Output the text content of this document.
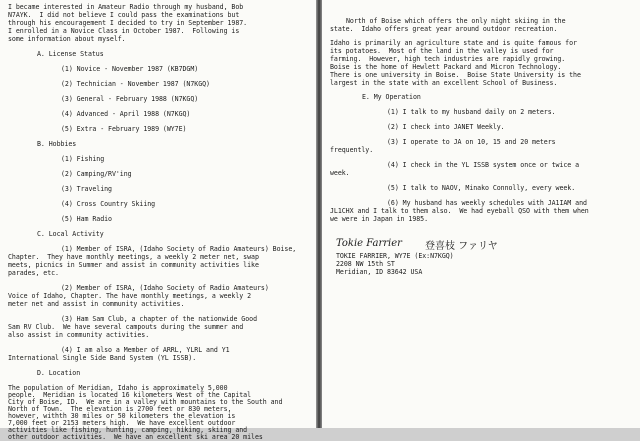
I became interested in Amateur Radio through my husband, Bob
N7AYK.  I did not believe I could pass the examinations but
through his encouragement I decided to try in September 1987.
I enrolled in a Novice Class in October 1987.  Following is
some information about myself.
A. License Status
(1) Novice - November 1987 (KB7DGM)
(2) Technician - November 1987 (N7KGQ)
(3) General - February 1988 (N7KGQ)
(4) Advanced - April 1988 (N7KGQ)
(5) Extra - February 1989 (WY7E)
B. Hobbies
(1) Fishing
(2) Camping/RV'ing
(3) Traveling
(4) Cross Country Skiing
(5) Ham Radio
C. Local Activity
(1) Member of ISRA, (Idaho Society of Radio Amateurs) Boise,
Chapter.  They have monthly meetings, a weekly 2 meter net, swap
meets, picnics in Summer and assist in community activities like
parades, etc.
(2) Member of ISRA, (Idaho Society of Radio Amateurs)
Voice of Idaho, Chapter. The have monthly meetings, a weekly 2
meter net and assist in community activities.
(3) Ham Sam Club, a chapter of the nationwide Good
Sam RV Club.  We have several campouts during the summer and
also assist in community activities.
(4) I am also a Member of ARRL, YLRL and Y1
International Single Side Band System (YL ISSB).
D. Location
The population of Meridian, Idaho is approximately 5,000
people.  Meridian is located 16 kilometers West of the Capital
City of Boise, ID.  We are in a valley with mountains to the South and
North of Town.  The elevation is 2700 feet or 830 meters,
however, withth 30 miles or 50 kilometers the elevation is
7,000 feet or 2153 meters high.  We have excellent outdoor
activities like fishing, hunting, camping, hiking, skiing and
other outdoor activities.  We have an excellent ski area 20 miles
North of Boise which offers the only night skiing in the
state.  Idaho offers great year around outdoor recreation.
Idaho is primarily an agriculture state and is quite famous for
its potatoes.  Most of the land in the valley is used for
farming.  However, high tech industries are rapidly growing.
Boise is the home of Hewlett Packard and Micron Technology.
There is one university in Boise.  Boise State University is the
largest in the state with an excellent School of Business.
E. My Operation
(1) I talk to my husband daily on 2 meters.
(2) I check into JANET Weekly.
(3) I operate to JA on 10, 15 and 20 meters
frequently.
(4) I check in the YL ISSB system once or twice a
week.
(5) I talk to NAOV, Minako Connolly, every week.
(6) My husband has weekly schedules with JA1IAM and
JL1CHX and I talk to them also.  We had eyeball QSO with them when
we were in Japan in 1985.
Tokie Farrier 登喜枝 ファリヤ
TOKIE FARRIER, WY7E (Ex:N7KGQ)
2208 NW 15th ST
Meridian, ID 83642 USA
